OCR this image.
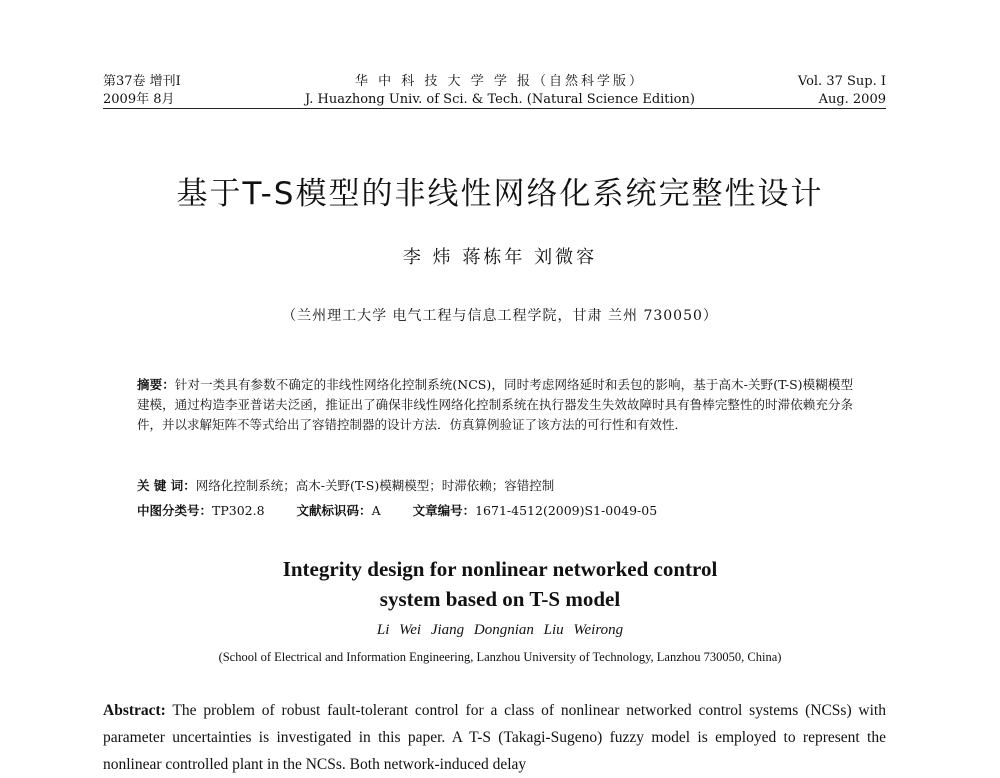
第37卷 增刊Ⅰ
2009年 8月
华 中 科 技 大 学 学 报（自然科学版）
J. Huazhong Univ. of Sci. & Tech. (Natural Science Edition)
Vol. 37 Sup. Ⅰ
Aug. 2009
基于T-S模型的非线性网络化系统完整性设计
李 炜 蒋栋年 刘微容
（兰州理工大学 电气工程与信息工程学院，甘肃 兰州 730050）
摘要：针对一类具有参数不确定的非线性网络化控制系统(NCS)，同时考虑网络延时和丢包的影响，基于高木-关野(T-S)模糊模型建模，通过构造李亚普诺夫泛函，推证出了确保非线性网络化控制系统在执行器发生失效故障时具有鲁棒完整性的时滞依赖充分条件，并以求解矩阵不等式给出了容错控制器的设计方法．仿真算例验证了该方法的可行性和有效性．
关 键 词：网络化控制系统；高木-关野(T-S)模糊模型；时滞依赖；容错控制
中图分类号：TP302.8	文献标识码：A	文章编号：1671-4512(2009)S1-0049-05
Integrity design for nonlinear networked control
system based on T-S model
Li Wei Jiang Dongnian Liu Weirong
(School of Electrical and Information Engineering, Lanzhou University of Technology, Lanzhou 730050, China)
Abstract: The problem of robust fault-tolerant control for a class of nonlinear networked control systems (NCSs) with parameter uncertainties is investigated in this paper. A T-S (Takagi-Sugeno) fuzzy model is employed to represent the nonlinear controlled plant in the NCSs. Both network-induced delay
